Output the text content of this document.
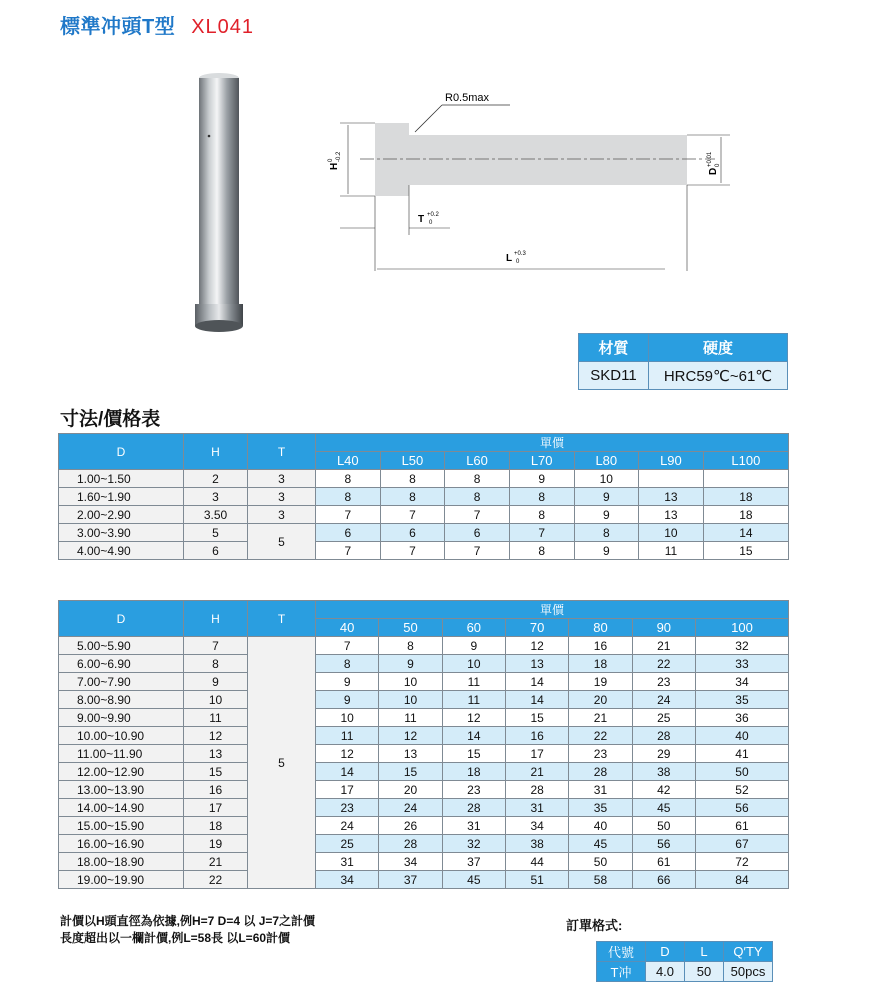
標準冲頭T型 XL041
R0.5max
H
0 -0.2
D
+0.01 0
T +0.2
0
L +0.3
0
材質	硬度
SKD11	HRC59℃~61℃
寸法/價格表
D	H	T	單價						
			L40	L50	L60	L70	L80	L90	L100
1.00~1.50	2	3	8	8	8	9	10		
1.60~1.90	3	3	8	8	8	8	9	13	18
2.00~2.90	3.50	3	7	7	7	8	9	13	18
3.00~3.90	5	5	6	6	6	7	8	10	14
4.00~4.90	6		7	7	7	8	9	11	15
D	H	T	單價						
			40	50	60	70	80	90	100
5.00~5.90	7	5	7	8	9	12	16	21	32
6.00~6.90	8		8	9	10	13	18	22	33
7.00~7.90	9		9	10	11	14	19	23	34
8.00~8.90	10		9	10	11	14	20	24	35
9.00~9.90	11		10	11	12	15	21	25	36
10.00~10.90	12		11	12	14	16	22	28	40
11.00~11.90	13		12	13	15	17	23	29	41
12.00~12.90	15		14	15	18	21	28	38	50
13.00~13.90	16		17	20	23	28	31	42	52
14.00~14.90	17		23	24	28	31	35	45	56
15.00~15.90	18		24	26	31	34	40	50	61
16.00~16.90	19		25	28	32	38	45	56	67
18.00~18.90	21		31	34	37	44	50	61	72
19.00~19.90	22		34	37	45	51	58	66	84
計價以H頭直徑為依據,例H=7 D=4 以 J=7之計價
長度超出以一欄計價,例L=58長 以L=60計價
訂單格式:
代號	D	L	Q′TY
T冲	4.0	50	50pcs
